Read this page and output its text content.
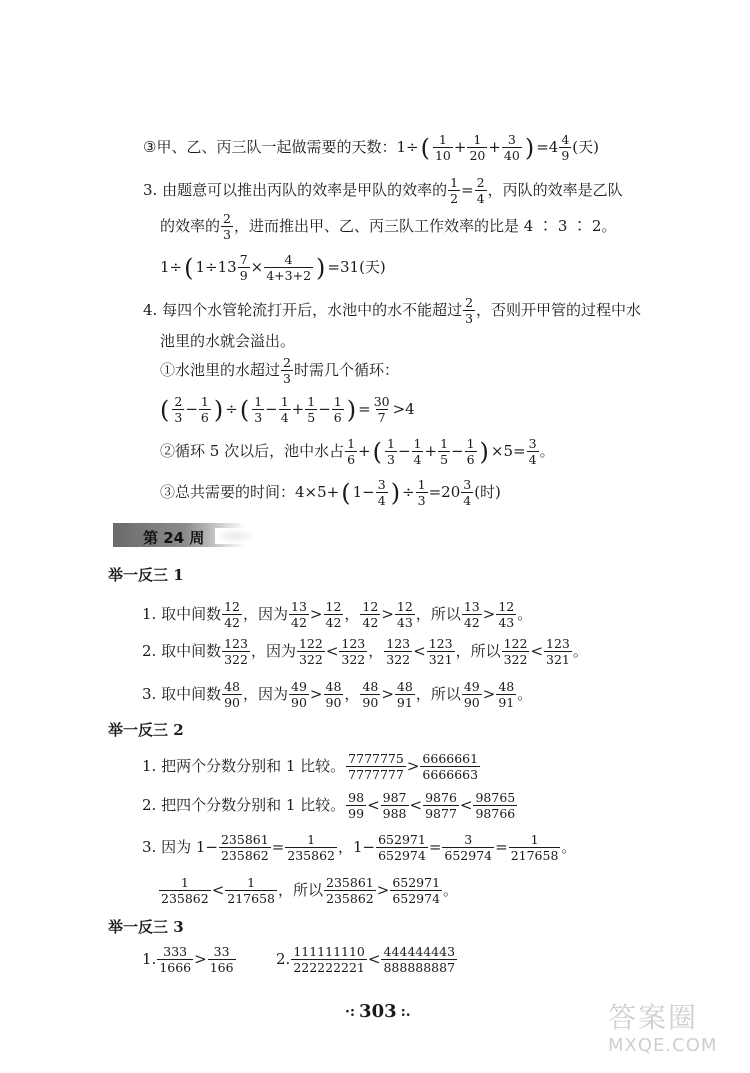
③ 甲、乙、丙三队一起做需要的天数：1÷ ( $\frac{1}{10} + \frac{1}{20} + \frac{3}{40}$ ) $=4 \frac{4}{9}$ (天)
3. 由题意可以推出丙队的效率是甲队的效率的 $\frac{1}{2} = \frac{2}{4}$ ，丙队的效率是乙队
的效率的 $\frac{2}{3}$ ，进而推出甲、乙、丙三队工作效率的比是 4 ∶ 3 ∶ 2。
1÷ ( $1\div 13 \frac{7}{9} \times \frac{4}{4+3+2}$ ) =31(天)
4. 每四个水管轮流打开后，水池中的水不能超过 $\frac{2}{3}$ ，否则开甲管的过程中水
池里的水就会溢出。
①水池里的水超过 $\frac{2}{3}$ 时需几个循环：
( $\frac{2}{3} - \frac{1}{6}$ ) ÷ ( $\frac{1}{3} - \frac{1}{4} + \frac{1}{5} - \frac{1}{6}$ ) = $\frac{30}{7} >4$
②循环 5 次以后，池中水占 $\frac{1}{6}$ + ( $\frac{1}{3} - \frac{1}{4} + \frac{1}{5} - \frac{1}{6}$ ) $\times 5= \frac{3}{4}$ 。
③总共需要的时间：4×5+ ( $1- \frac{3}{4}$ ) ÷ $\frac{1}{3} =20 \frac{3}{4}$ (时)
第 24 周
举一反三 1
1. 取中间数 $\frac{12}{42}$ ，因为 $\frac{13}{42} > \frac{12}{42}$ ， $\frac{12}{42} > \frac{12}{43}$ ，所以 $\frac{13}{42} > \frac{12}{43}$ 。
2. 取中间数 $\frac{123}{322}$ ，因为 $\frac{122}{322} < \frac{123}{322}$ ， $\frac{123}{322} < \frac{123}{321}$ ，所以 $\frac{122}{322} < \frac{123}{321}$ 。
3. 取中间数 $\frac{48}{90}$ ，因为 $\frac{49}{90} > \frac{48}{90}$ ， $\frac{48}{90} > \frac{48}{91}$ ，所以 $\frac{49}{90} > \frac{48}{91}$ 。
举一反三 2
1. 把两个分数分别和 1 比较。 $\frac{7777775}{7777777} > \frac{6666661}{6666663}$
2. 把四个分数分别和 1 比较。 $\frac{98}{99} < \frac{987}{988} < \frac{9876}{9877} < \frac{98765}{98766}$
3. 因为 $1- \frac{235861}{235862} = \frac{1}{235862}$ ，$1- \frac{652971}{652974} = \frac{3}{652974} = \frac{1}{217658}$ 。
$\frac{1}{235862} < \frac{1}{217658}$ ，所以 $\frac{235861}{235862} > \frac{652971}{652974}$ 。
举一反三 3
1. $\frac{333}{1666} > \frac{33}{166}$	2. $\frac{111111110}{222222221} < \frac{444444443}{888888887}$
·: 303 :.	答案圈
MXQE.COM
